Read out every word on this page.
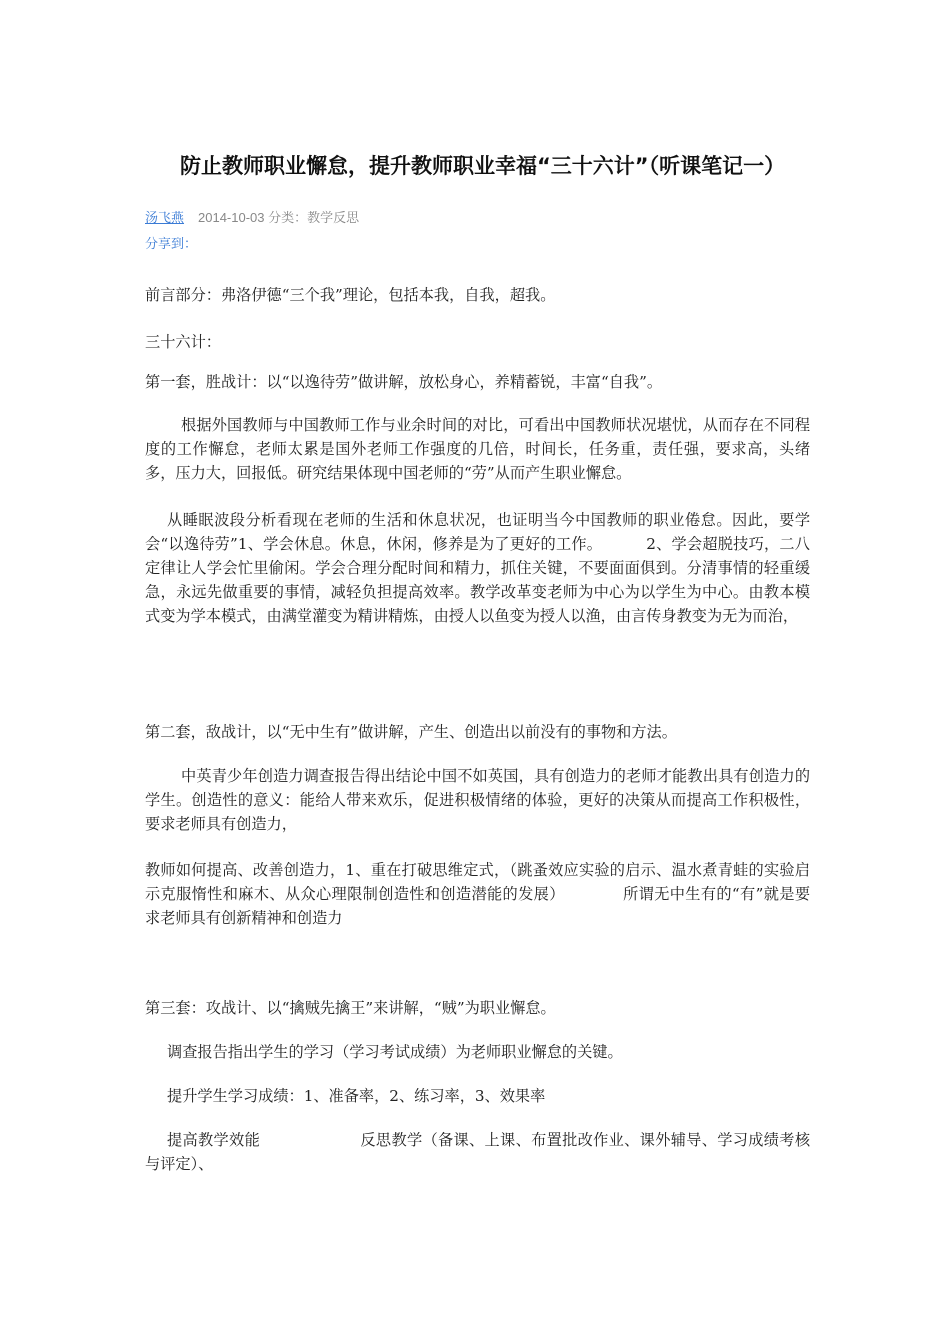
防止教师职业懈怠，提升教师职业幸福“三十六计”（听课笔记一）
汤飞燕 2014-10-03 分类：教学反思
分享到：

前言部分：弗洛伊德“三个我”理论，包括本我，自我，超我。

三十六计：

第一套，胜战计：以“以逸待劳”做讲解，放松身心，养精蓄锐，丰富“自我”。

根据外国教师与中国教师工作与业余时间的对比，可看出中国教师状况堪忧，从而存在不同程度的工作懈怠，老师太累是国外老师工作强度的几倍，时间长，任务重，责任强，要求高，头绪多，压力大，回报低。研究结果体现中国老师的“劳”从而产生职业懈怠。

从睡眠波段分析看现在老师的生活和休息状况，也证明当今中国教师的职业倦怠。因此，要学会“以逸待劳”1、学会休息。休息，休闲，修养是为了更好的工作。	2、学会超脱技巧，二八定律让人学会忙里偷闲。学会合理分配时间和精力，抓住关键，不要面面俱到。分清事情的轻重缓急，永远先做重要的事情，减轻负担提高效率。教学改革变老师为中心为以学生为中心。由教本模式变为学本模式，由满堂灌变为精讲精炼，由授人以鱼变为授人以渔，由言传身教变为无为而治，

第二套，敌战计，以“无中生有”做讲解，产生、创造出以前没有的事物和方法。

中英青少年创造力调查报告得出结论中国不如英国，具有创造力的老师才能教出具有创造力的学生。创造性的意义：能给人带来欢乐，促进积极情绪的体验，更好的决策从而提高工作积极性，要求老师具有创造力，

教师如何提高、改善创造力，1、重在打破思维定式，（跳蚤效应实验的启示、温水煮青蛙的实验启示克服惰性和麻木、从众心理限制创造性和创造潜能的发展）	所谓无中生有的“有”就是要求老师具有创新精神和创造力

第三套：攻战计、以“擒贼先擒王”来讲解，“贼”为职业懈怠。

调查报告指出学生的学习（学习考试成绩）为老师职业懈怠的关键。

提升学生学习成绩：1、准备率，2、练习率，3、效果率

提高教学效能	反思教学（备课、上课、布置批改作业、课外辅导、学习成绩考核与评定）、
